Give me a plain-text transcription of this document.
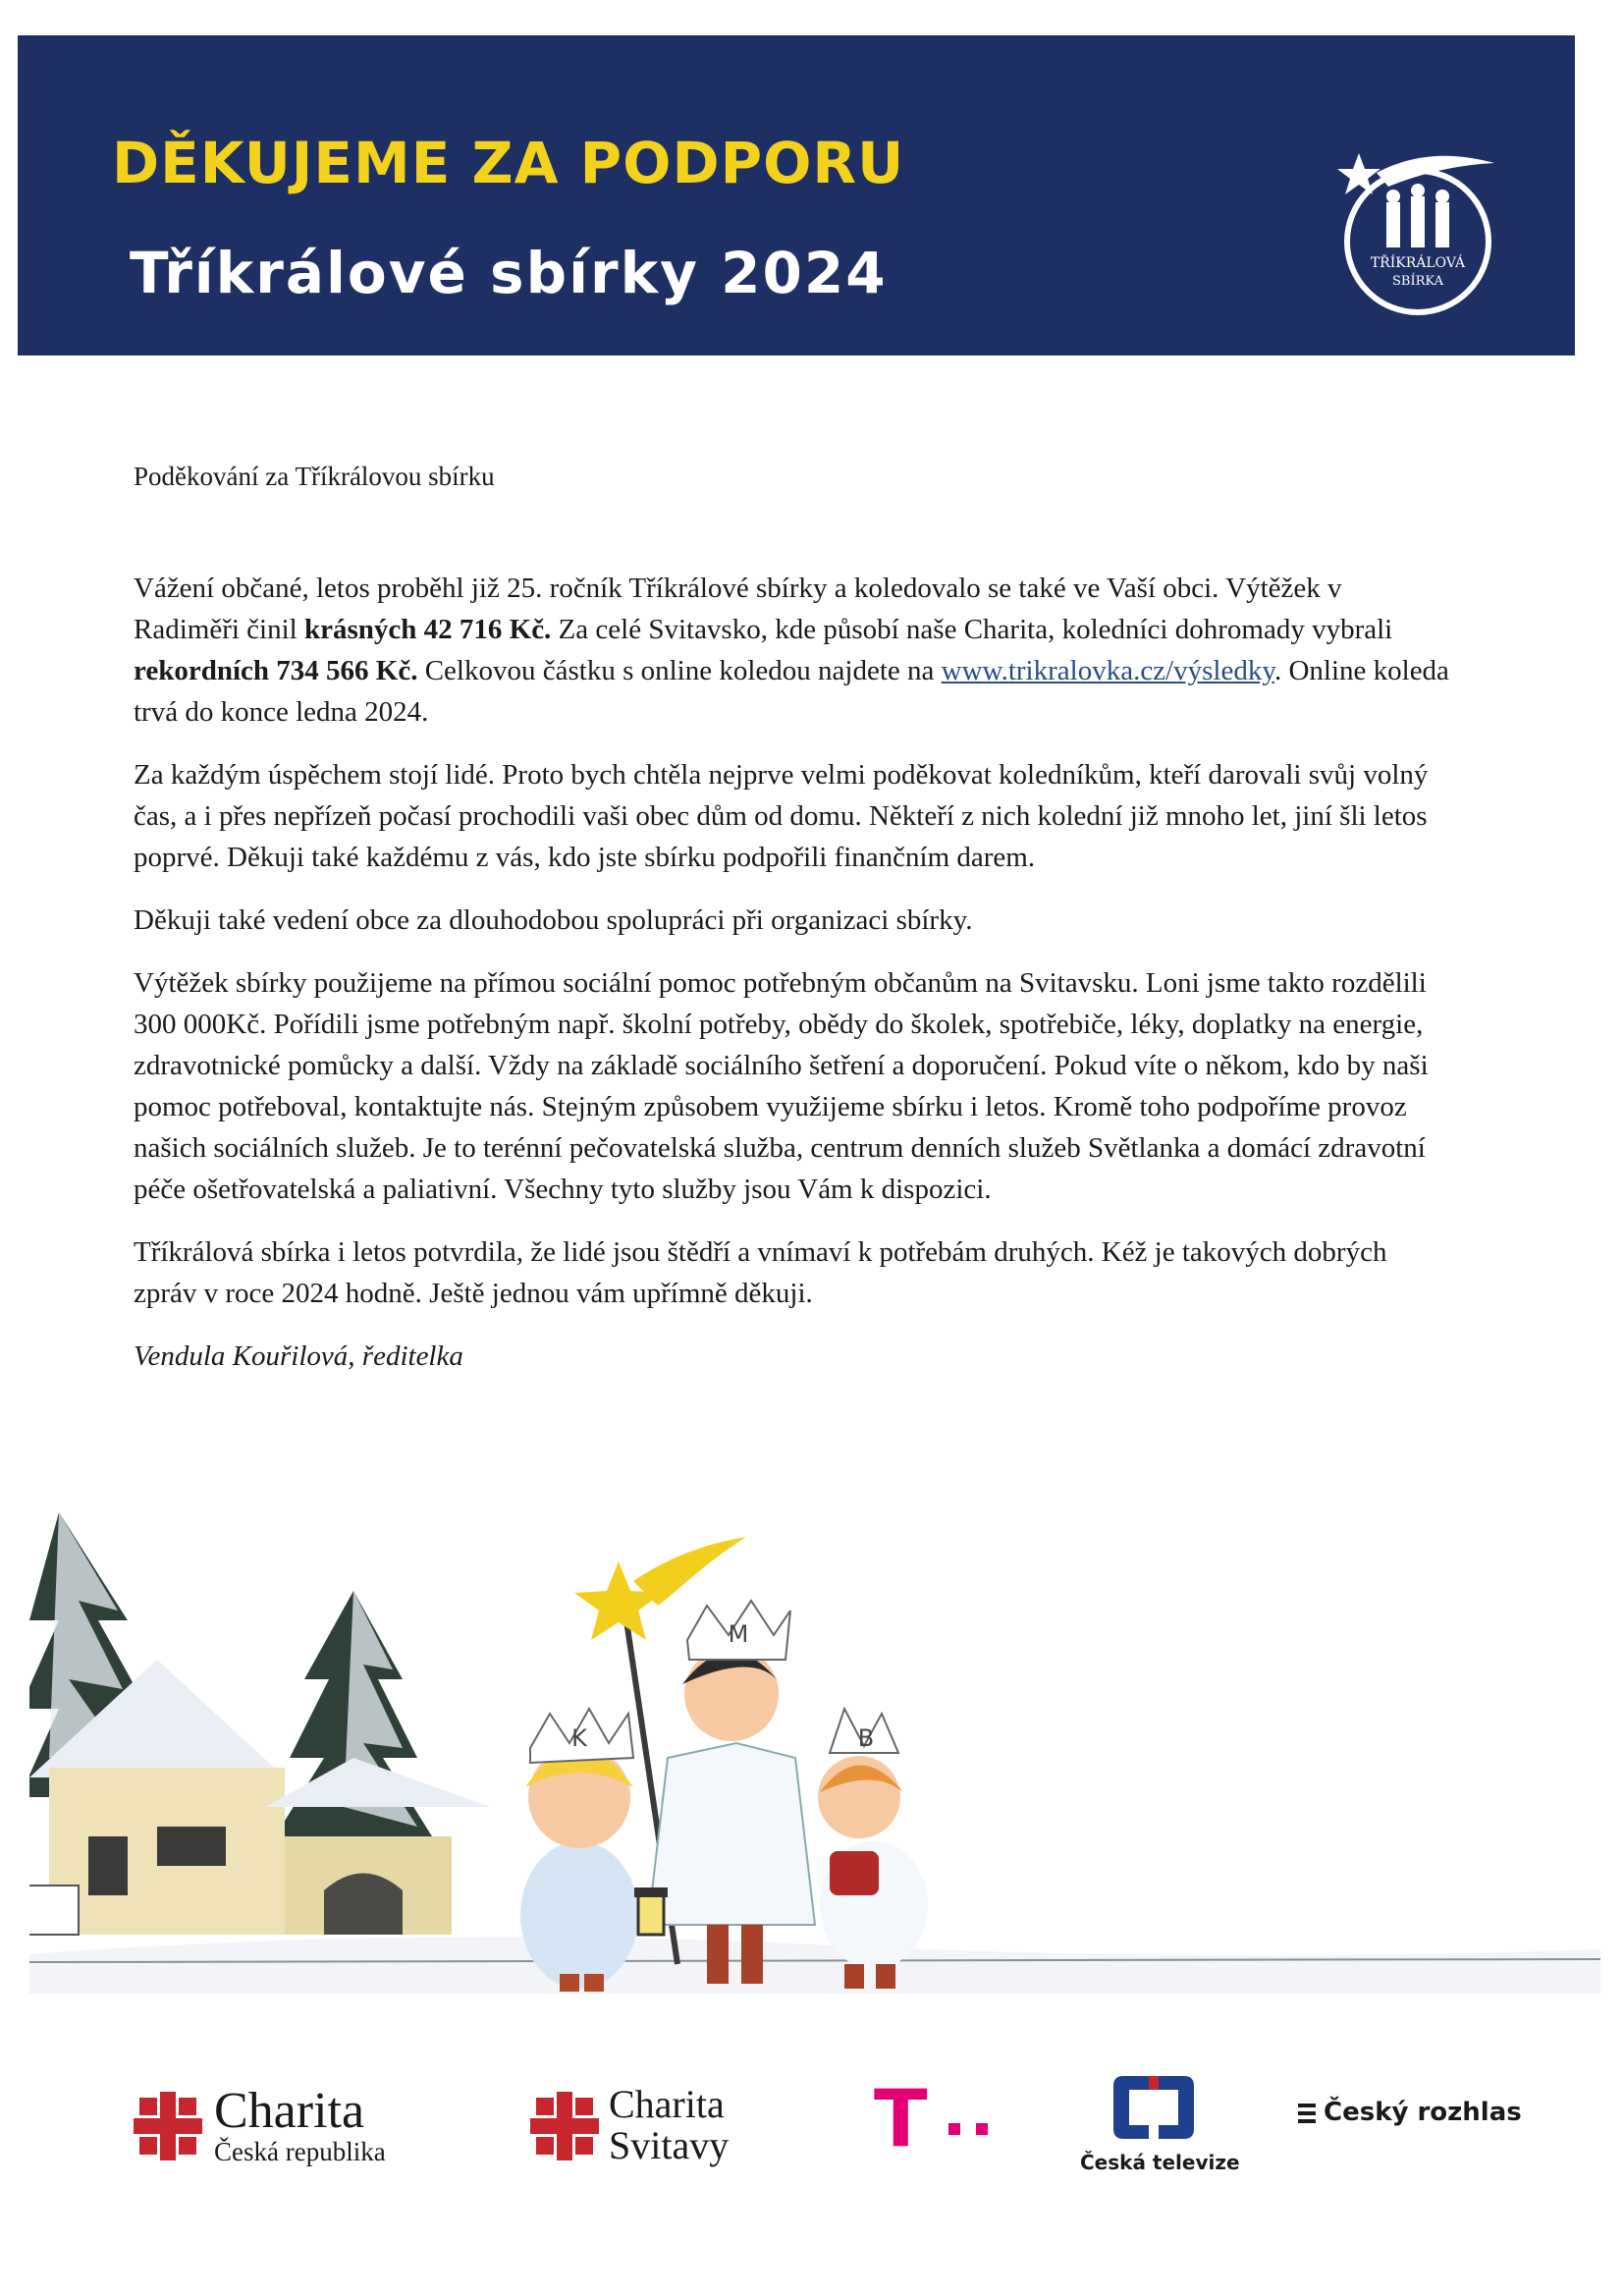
DĚKUJEME ZA PODPORU
Tříkrálové sbírky 2024	TŘÍKRÁLOVÁ
SBÍRKA
Poděkování za Tříkrálovou sbírku

Vážení občané, letos proběhl již 25. ročník Tříkrálové sbírky a koledovalo se také ve Vaší obci. Výtěžek v Radiměři činil krásných 42 716 Kč. Za celé Svitavsko, kde působí naše Charita, koledníci dohromady vybrali rekordních 734 566 Kč. Celkovou částku s online koledou najdete na www.trikralovka.cz/výsledky. Online koleda trvá do konce ledna 2024.

Za každým úspěchem stojí lidé. Proto bych chtěla nejprve velmi poděkovat koledníkům, kteří darovali svůj volný čas, a i přes nepřízeň počasí prochodili vaši obec dům od domu. Někteří z nich kolední již mnoho let, jiní šli letos poprvé. Děkuji také každému z vás, kdo jste sbírku podpořili finančním darem.

Děkuji také vedení obce za dlouhodobou spolupráci při organizaci sbírky.

Výtěžek sbírky použijeme na přímou sociální pomoc potřebným občanům na Svitavsku. Loni jsme takto rozdělili 300 000Kč. Pořídili jsme potřebným např. školní potřeby, obědy do školek, spotřebiče, léky, doplatky na energie, zdravotnické pomůcky a další. Vždy na základě sociálního šetření a doporučení. Pokud víte o někom, kdo by naši pomoc potřeboval, kontaktujte nás. Stejným způsobem využijeme sbírku i letos. Kromě toho podpoříme provoz našich sociálních služeb. Je to terénní pečovatelská služba, centrum denních služeb Světlanka a domácí zdravotní péče ošetřovatelská a paliativní. Všechny tyto služby jsou Vám k dispozici.

Tříkrálová sbírka i letos potvrdila, že lidé jsou štědří a vnímaví k potřebám druhých. Kéž je takových dobrých zpráv v roce 2024 hodně. Ještě jednou vám upřímně děkuji.

Vendula Kouřilová, ředitelka

K
M
B
Charita
Česká republika
Charita
Svitavy T	Česká televize
Český rozhlas
